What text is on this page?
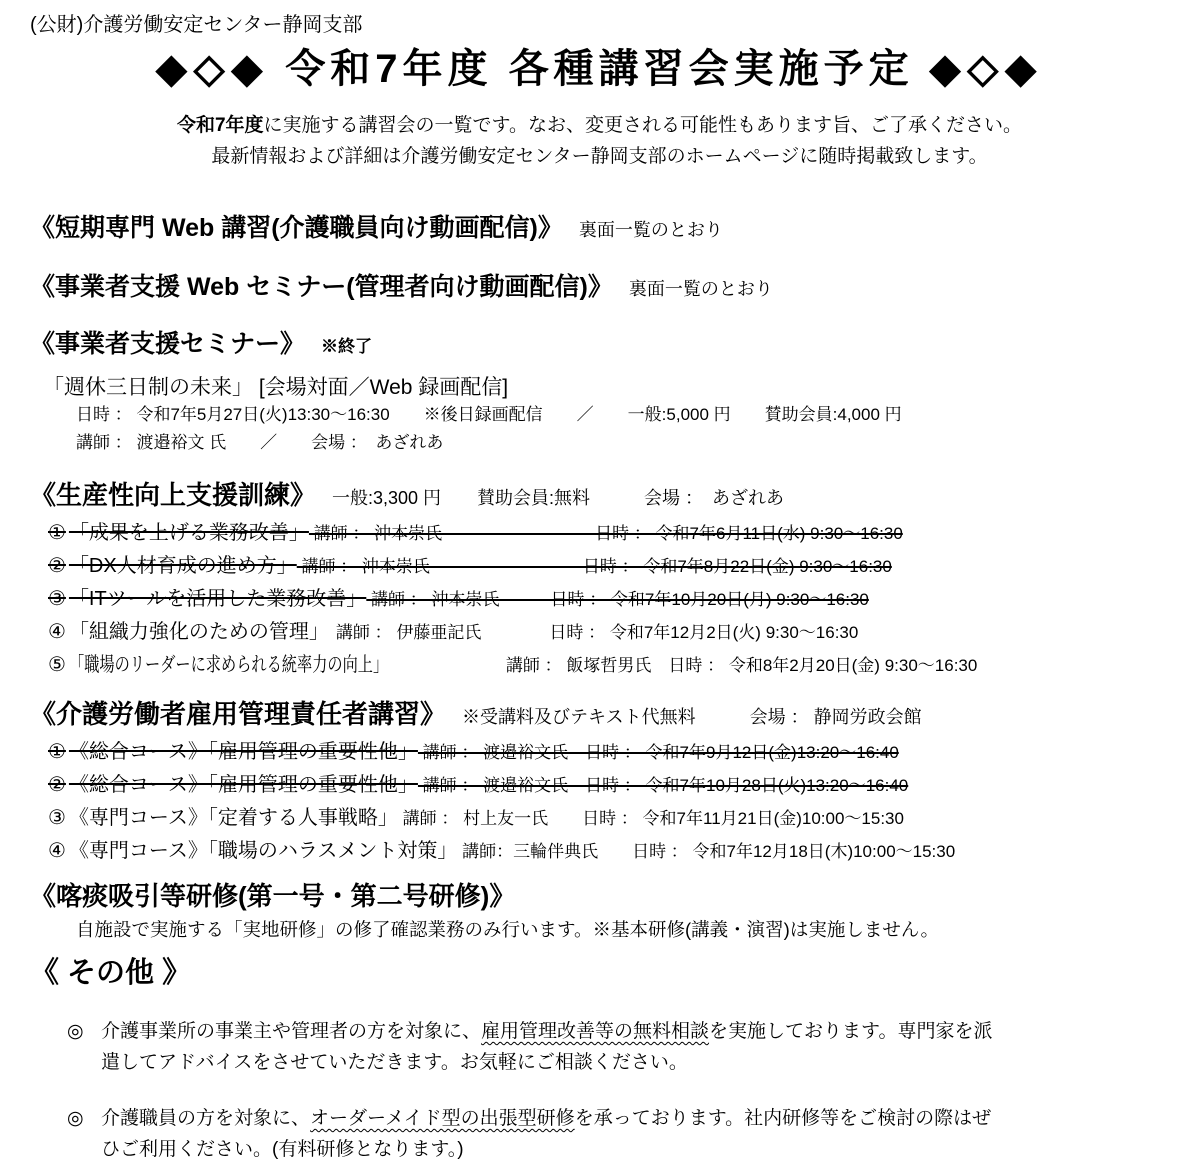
(公財)介護労働安定センター静岡支部
◆◇◆ 令和7年度 各種講習会実施予定 ◆◇◆
令和7年度に実施する講習会の一覧です。なお、変更される可能性もあります旨、ご了承ください。
最新情報および詳細は介護労働安定センター静岡支部のホームページに随時掲載致します。
《短期専門 Web 講習(介護職員向け動画配信)》 裏面一覧のとおり
《事業者支援 Web セミナー(管理者向け動画配信)》 裏面一覧のとおり
《事業者支援セミナー》 ※終了
「週休三日制の未来」 [会場対面／Web 録画配信]
日時 ： 令和7年5月27日(火)13:30～16:30　　※後日録画配信　　／　　一般:5,000 円　　賛助会員:4,000 円
講師 ： 渡邉裕文 氏　　／　　会場 ：　あざれあ
《生産性向上支援訓練》 一般:3,300 円　　賛助会員:無料　　　会場 ：　あざれあ
① 「成果を上げる業務改善」 講師 ： 沖本崇氏　　　　　　　　　日時 ： 令和7年6月11日(水) 9:30～16:30
② 「DX人材育成の進め方」 講師 ： 沖本崇氏　　　　　　　　　日時 ： 令和7年8月22日(金) 9:30～16:30
③ 「ITツールを活用した業務改善」 講師 ： 沖本崇氏　　　日時 ： 令和7年10月20日(月) 9:30～16:30
④ 「組織力強化のための管理」　講師 ： 伊藤亜記氏　　　　日時 ： 令和7年12月2日(火) 9:30～16:30
⑤ 「職場のリーダーに求められる統率力の向上」	　講師 ： 飯塚哲男氏　日時 ： 令和8年2月20日(金) 9:30～16:30
《介護労働者雇用管理責任者講習》 ※受講料及びテキスト代無料　　　会場 ： 静岡労政会館
① 《総合コース》「雇用管理の重要性他」 講師 ： 渡邉裕文氏　日時 ： 令和7年9月12日(金)13:20～16:40
② 《総合コース》「雇用管理の重要性他」 講師 ： 渡邉裕文氏　日時 ： 令和7年10月28日(火)13:20～16:40
③ 《専門コース》「定着する人事戦略」 講師 ： 村上友一氏　　日時 ： 令和7年11月21日(金)10:00～15:30
④ 《専門コース》「職場のハラスメント対策」 講師：三輪伴典氏　　日時 ： 令和7年12月18日(木)10:00～15:30
《喀痰吸引等研修(第一号・第二号研修)》
自施設で実施する「実地研修」の修了確認業務のみ行います。※基本研修(講義・演習)は実施しません。
《 その他 》
◎ 介護事業所の事業主や管理者の方を対象に、雇用管理改善等の無料相談を実施しております。専門家を派遣してアドバイスをさせていただきます。お気軽にご相談ください。
◎ 介護職員の方を対象に、オーダーメイド型の出張型研修を承っております。社内研修等をご検討の際はぜひご利用ください。(有料研修となります。)
